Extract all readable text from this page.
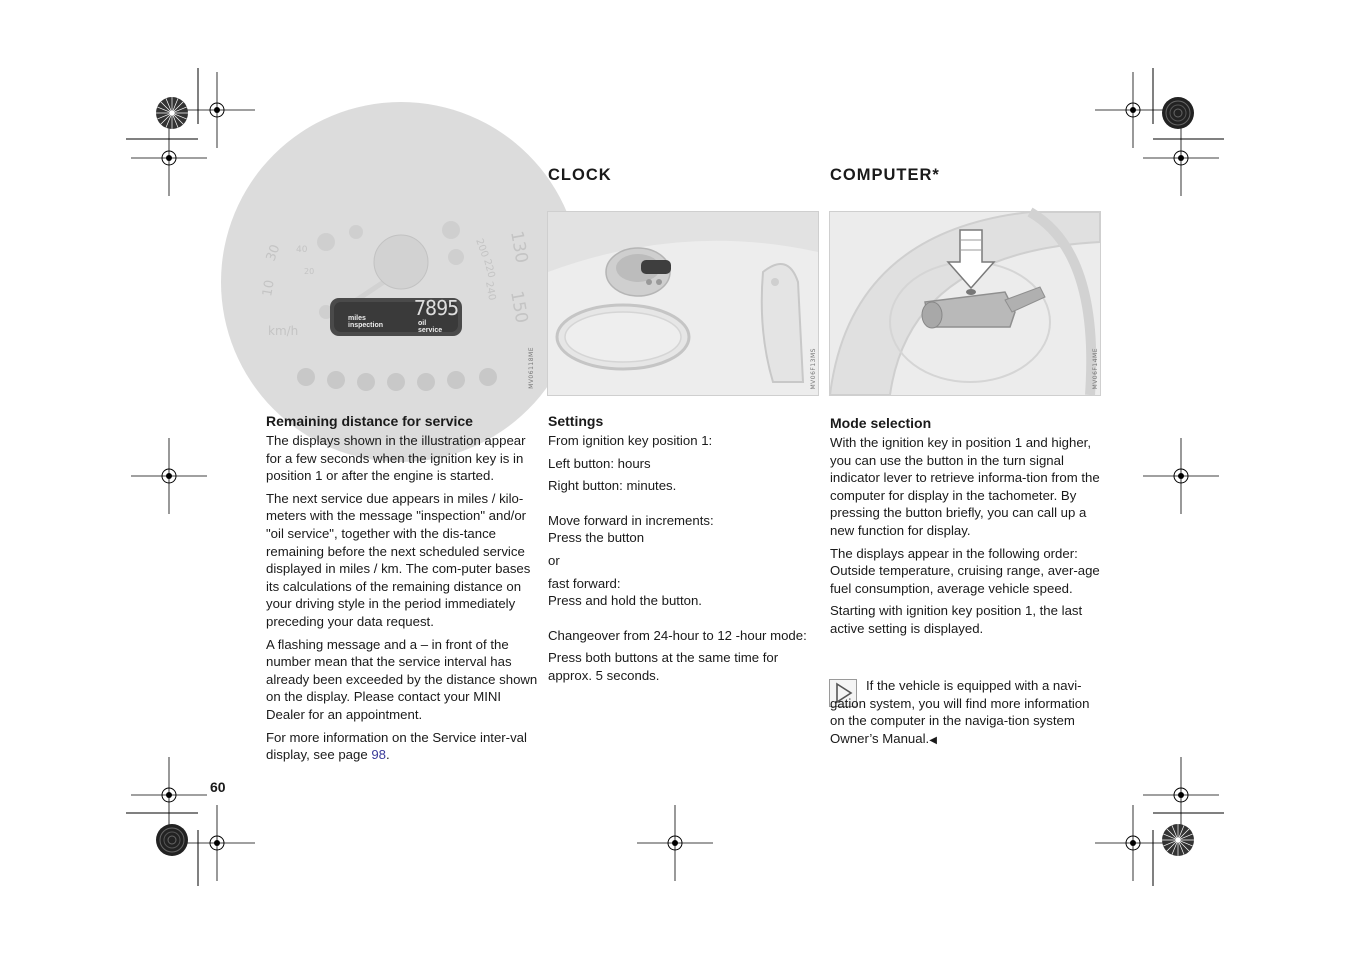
CLOCK	COMPUTER*
30
10
40
20
200
220
240
130
150
km/h
7895
miles
inspection	oil
service
MV06118ME	MV06F13MS	MV06F14ME
Remaining distance for service

The displays shown in the illustration appear for a few seconds when the ignition key is in position 1 or after the engine is started.

The next service due appears in miles / kilo-meters with the message "inspection" and/or "oil service", together with the dis-tance remaining before the next scheduled service displayed in miles / km. The com-puter bases its calculations of the remaining distance on your driving style in the period immediately preceding your data request.

A flashing message and a – in front of the number mean that the service interval has already been exceeded by the distance shown on the display. Please contact your MINI Dealer for an appointment.

For more information on the Service inter-val display, see page 98.

Settings

From ignition key position 1:

Left button: hours

Right button: minutes.

Move forward in increments:

Press the button

or

fast forward:

Press and hold the button.

Changeover from 24-hour to 12 -hour mode:

Press both buttons at the same time for approx. 5 seconds.

Mode selection

With the ignition key in position 1 and higher, you can use the button in the turn signal indicator lever to retrieve informa-tion from the computer for display in the tachometer. By pressing the button briefly, you can call up a new function for display.

The displays appear in the following order: Outside temperature, cruising range, aver-age fuel consumption, average vehicle speed.

Starting with ignition key position 1, the last active setting is displayed.

If the vehicle is equipped with a navi-gation system, you will find more information on the computer in the naviga-tion system Owner’s Manual.◀

60
